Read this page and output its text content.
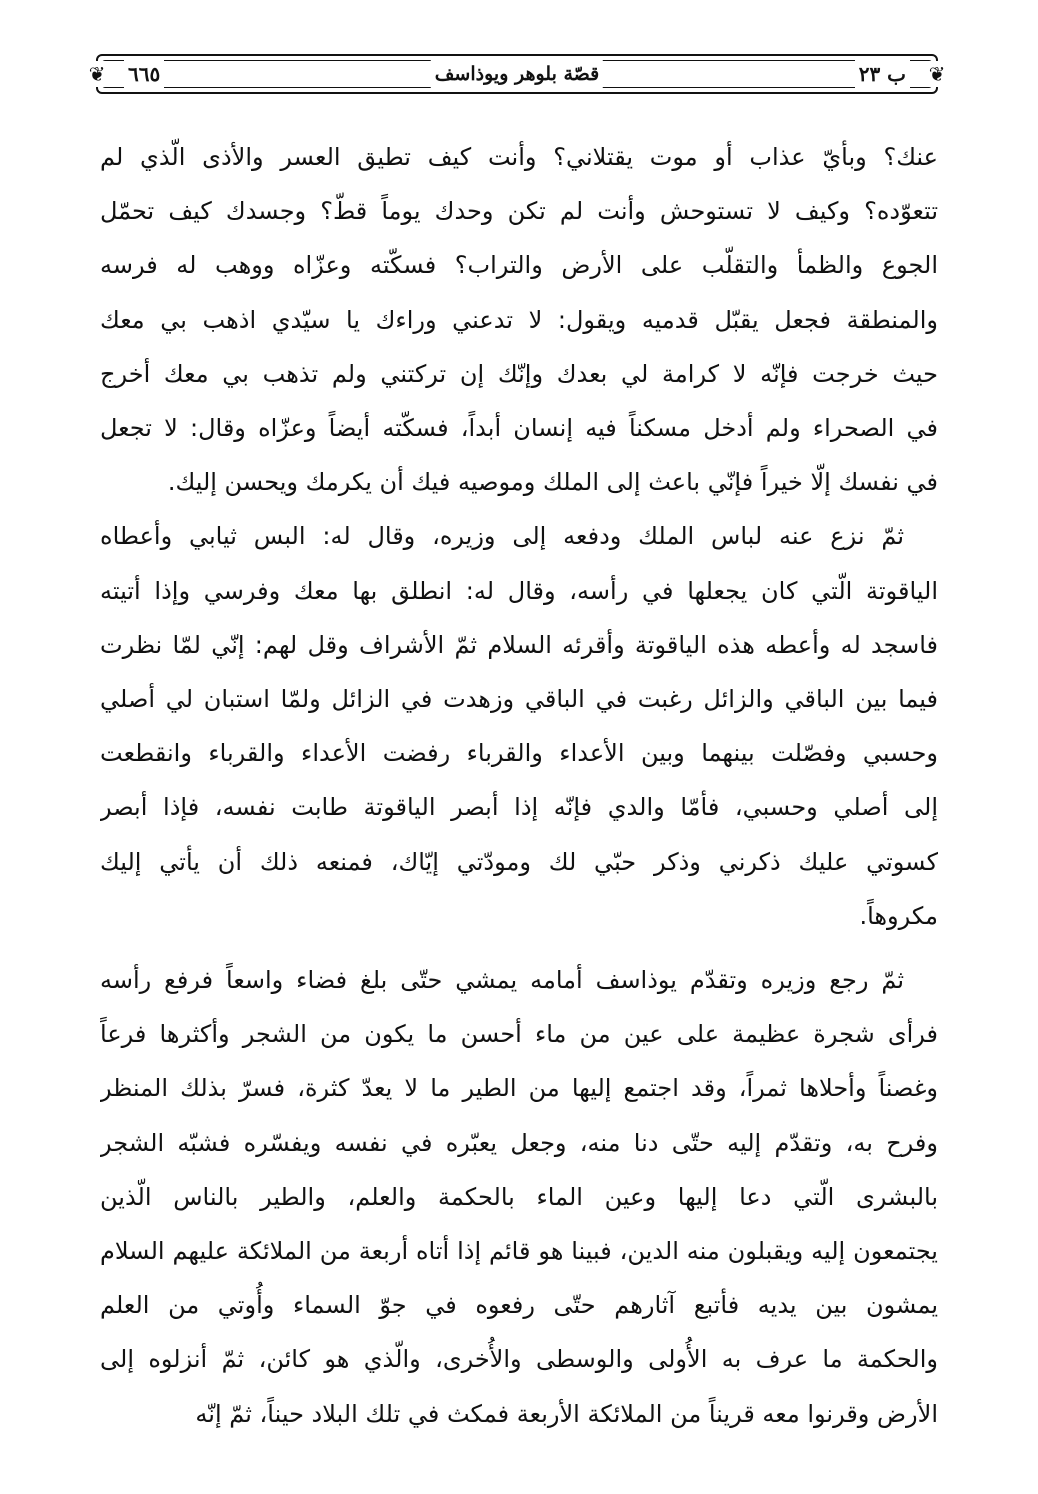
❦
❦	ب ٢٣
قصّة بلوهر ويوذاسف
٦٦٥
عنك؟ وبأيّ عذاب أو موت يقتلاني؟ وأنت كيف تطيق العسر والأذى الّذي لم
تتعوّده؟ وكيف لا تستوحش وأنت لم تكن وحدك يوماً قطّ؟ وجسدك كيف تحمّل
الجوع والظمأ والتقلّب على الأرض والتراب؟ فسكّته وعزّاه ووهب له فرسه
والمنطقة فجعل يقبّل قدميه ويقول: لا تدعني وراءك يا سيّدي اذهب بي معك
حيث خرجت فإنّه لا كرامة لي بعدك وإنّك إن تركتني ولم تذهب بي معك أخرج
في الصحراء ولم أدخل مسكناً فيه إنسان أبداً، فسكّته أيضاً وعزّاه وقال: لا تجعل
في نفسك إلّا خيراً فإنّي باعث إلى الملك وموصيه فيك أن يكرمك ويحسن إليك.
ثمّ نزع عنه لباس الملك ودفعه إلى وزيره، وقال له: البس ثيابي وأعطاه
الياقوتة الّتي كان يجعلها في رأسه، وقال له: انطلق بها معك وفرسي وإذا أتيته
فاسجد له وأعطه هذه الياقوتة وأقرئه السلام ثمّ الأشراف وقل لهم: إنّي لمّا نظرت
فيما بين الباقي والزائل رغبت في الباقي وزهدت في الزائل ولمّا استبان لي أصلي
وحسبي وفصّلت بينهما وبين الأعداء والقرباء رفضت الأعداء والقرباء وانقطعت
إلى أصلي وحسبي، فأمّا والدي فإنّه إذا أبصر الياقوتة طابت نفسه، فإذا أبصر
كسوتي عليك ذكرني وذكر حبّي لك ومودّتي إيّاك، فمنعه ذلك أن يأتي إليك
مكروهاً.
ثمّ رجع وزيره وتقدّم يوذاسف أمامه يمشي حتّى بلغ فضاء واسعاً فرفع رأسه
فرأى شجرة عظيمة على عين من ماء أحسن ما يكون من الشجر وأكثرها فرعاً
وغصناً وأحلاها ثمراً، وقد اجتمع إليها من الطير ما لا يعدّ كثرة، فسرّ بذلك المنظر
وفرح به، وتقدّم إليه حتّى دنا منه، وجعل يعبّره في نفسه ويفسّره فشبّه الشجر
بالبشرى الّتي دعا إليها وعين الماء بالحكمة والعلم، والطير بالناس الّذين
يجتمعون إليه ويقبلون منه الدين، فبينا هو قائم إذا أتاه أربعة من الملائكة عليهم السلام
يمشون بين يديه فأتبع آثارهم حتّى رفعوه في جوّ السماء وأُوتي من العلم
والحكمة ما عرف به الأُولى والوسطى والأُخرى، والّذي هو كائن، ثمّ أنزلوه إلى
الأرض وقرنوا معه قريناً من الملائكة الأربعة فمكث في تلك البلاد حيناً، ثمّ إنّه
